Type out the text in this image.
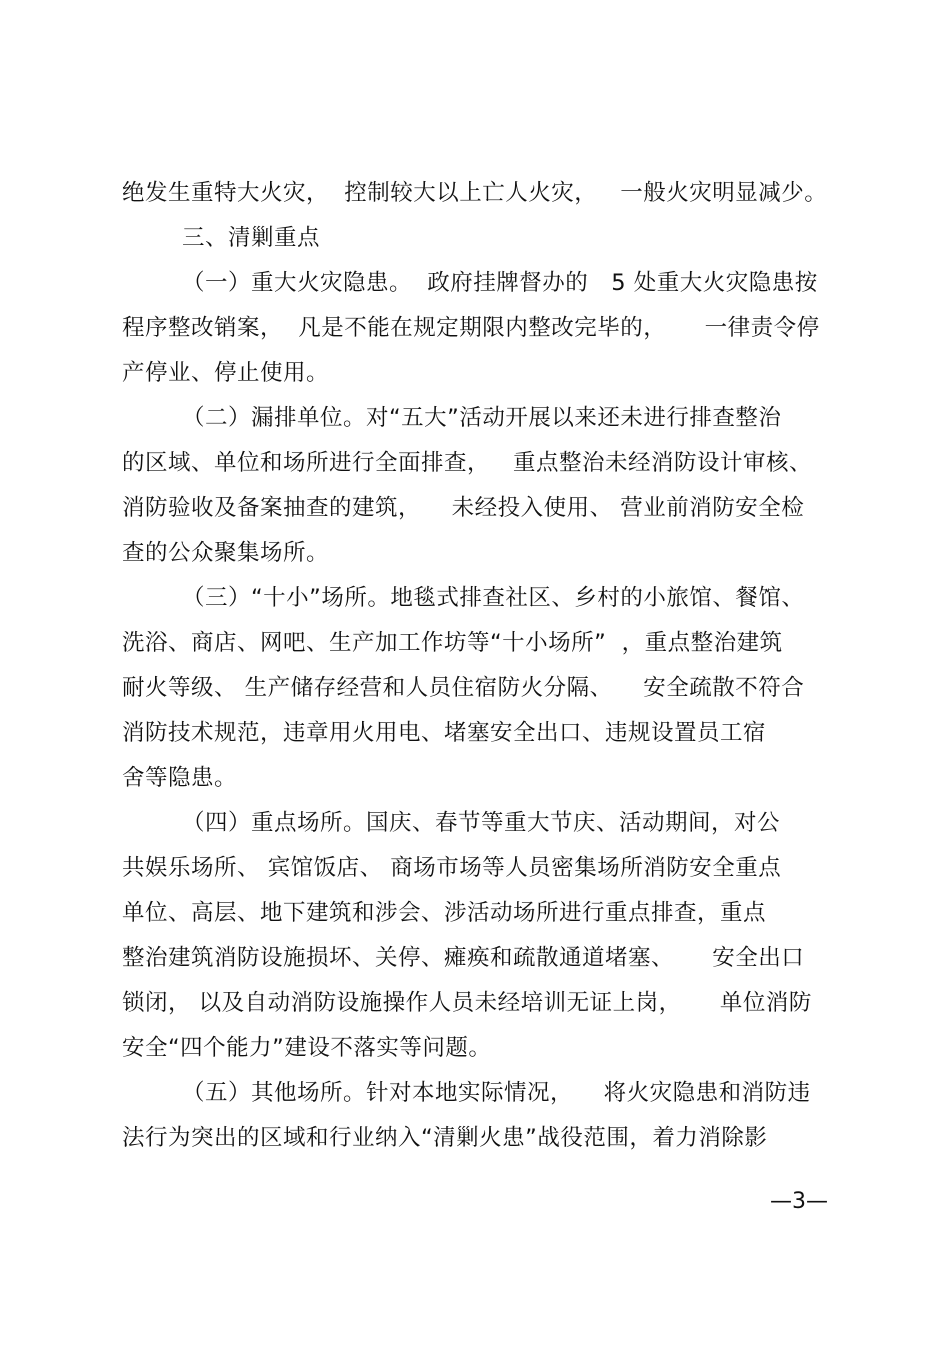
绝发生重特大火灾，  控制较大以上亡人火灾，   一般火灾明显减少。
三、清剿重点
（一）重大火灾隐患。  政府挂牌督办的   5 处重大火灾隐患按
程序整改销案，  凡是不能在规定期限内整改完毕的，     一律责令停
产停业、停止使用。
（二）漏排单位。对“五大”活动开展以来还未进行排查整治
的区域、单位和场所进行全面排查，   重点整治未经消防设计审核、
消防验收及备案抽查的建筑，    未经投入使用、 营业前消防安全检
查的公众聚集场所。
（三）“十小”场所。地毯式排查社区、乡村的小旅馆、餐馆、
洗浴、商店、网吧、生产加工作坊等“十小场所”  ，重点整治建筑
耐火等级、 生产储存经营和人员住宿防火分隔、    安全疏散不符合
消防技术规范，违章用火用电、堵塞安全出口、违规设置员工宿
舍等隐患。
（四）重点场所。国庆、春节等重大节庆、活动期间，对公
共娱乐场所、 宾馆饭店、 商场市场等人员密集场所消防安全重点
单位、高层、地下建筑和涉会、涉活动场所进行重点排查，重点
整治建筑消防设施损坏、关停、瘫痪和疏散通道堵塞、     安全出口
锁闭， 以及自动消防设施操作人员未经培训无证上岗，     单位消防
安全“四个能力”建设不落实等问题。
（五）其他场所。针对本地实际情况，    将火灾隐患和消防违
法行为突出的区域和行业纳入“清剿火患”战役范围，着力消除影
—3—
